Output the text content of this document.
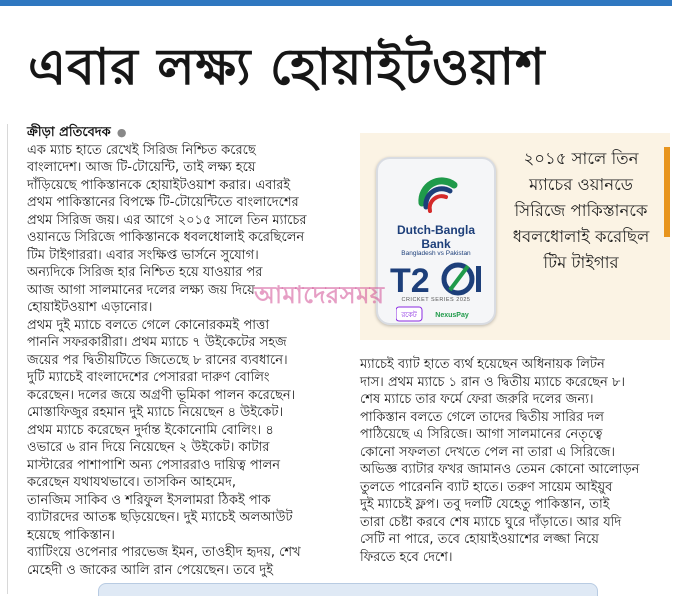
এবার লক্ষ্য হোয়াইটওয়াশ

ক্রীড়া প্রতিবেদক ●

এক ম্যাচ হাতে রেখেই সিরিজ নিশ্চিত করেছে

বাংলাদেশ। আজ টি-টোয়েন্টি, তাই লক্ষ্য হয়ে

দাঁড়িয়েছে পাকিস্তানকে হোয়াইটওয়াশ করার। এবারই

প্রথম পাকিস্তানের বিপক্ষে টি-টোয়েন্টিতে বাংলাদেশের

প্রথম সিরিজ জয়। এর আগে ২০১৫ সালে তিন ম্যাচের

ওয়ানডে সিরিজে পাকিস্তানকে ধবলধোলাই করেছিলেন

টিম টাইগাররা। এবার সংক্ষিপ্ত ভার্সনে সুযোগ।

অন্যদিকে সিরিজ হার নিশ্চিত হয়ে যাওয়ার পর

আজ আগা সালমানের দলের লক্ষ্য জয় দিয়ে

হোয়াইটওয়াশ এড়ানোর।

প্রথম দুই ম্যাচে বলতে গেলে কোনোরকমই পাত্তা

পাননি সফরকারীরা। প্রথম ম্যাচে ৭ উইকেটের সহজ

জয়ের পর দ্বিতীয়টিতে জিতেছে ৮ রানের ব্যবধানে।

দুটি ম্যাচেই বাংলাদেশের পেসাররা দারুণ বোলিং

করেছেন। দলের জয়ে অগ্রণী ভূমিকা পালন করেছেন।

মোস্তাফিজুর রহমান দুই ম্যাচে নিয়েছেন ৪ উইকেট।

প্রথম ম্যাচে করেছেন দুর্দান্ত ইকোনোমি বোলিং। ৪

ওভারে ৬ রান দিয়ে নিয়েছেন ২ উইকেট। কাটার

মাস্টারের পাশাপাশি অন্য পেসাররাও দায়িত্ব পালন

করেছেন যথাযথভাবে। তাসকিন আহমেদ,

তানজিম সাকিব ও শরিফুল ইসলামরা ঠিকই পাক

ব্যাটারদের আতঙ্ক ছড়িয়েছেন। দুই ম্যাচেই অলআউট

হয়েছে পাকিস্তান।

ব্যাটিংয়ে ওপেনার পারভেজ ইমন, তাওহীদ হৃদয়, শেখ

মেহেদী ও জাকের আলি রান পেয়েছেন। তবে দুই

Dutch-Bangla
Bank
Bangladesh vs Pakistan
T2
CRICKET SERIES 2025
রকেট	NexusPay
২০১৫ সালে তিন ম্যাচের ওয়ানডে সিরিজে পাকিস্তানকে ধবলধোলাই করেছিল টিম টাইগার
আমাদেরসময়

ম্যাচেই ব্যাট হাতে ব্যর্থ হয়েছেন অধিনায়ক লিটন

দাস। প্রথম ম্যাচে ১ রান ও দ্বিতীয় ম্যাচে করেছেন ৮।

শেষ ম্যাচে তার ফর্মে ফেরা জরুরি দলের জন্য।

পাকিস্তান বলতে গেলে তাদের দ্বিতীয় সারির দল

পাঠিয়েছে এ সিরিজে। আগা সালমানের নেতৃত্বে

কোনো সফলতা দেখতে পেল না তারা এ সিরিজে।

অভিজ্ঞ ব্যাটার ফখর জামানও তেমন কোনো আলোড়ন

তুলতে পারেননি ব্যাট হাতে। তরুণ সায়েম আইয়ুব

দুই ম্যাচেই ফ্লপ। তবু দলটি যেহেতু পাকিস্তান, তাই

তারা চেষ্টা করবে শেষ ম্যাচে ঘুরে দাঁড়াতে। আর যদি

সেটি না পারে, তবে হোয়াইওয়াশের লজ্জা নিয়ে

ফিরতে হবে দেশে।
